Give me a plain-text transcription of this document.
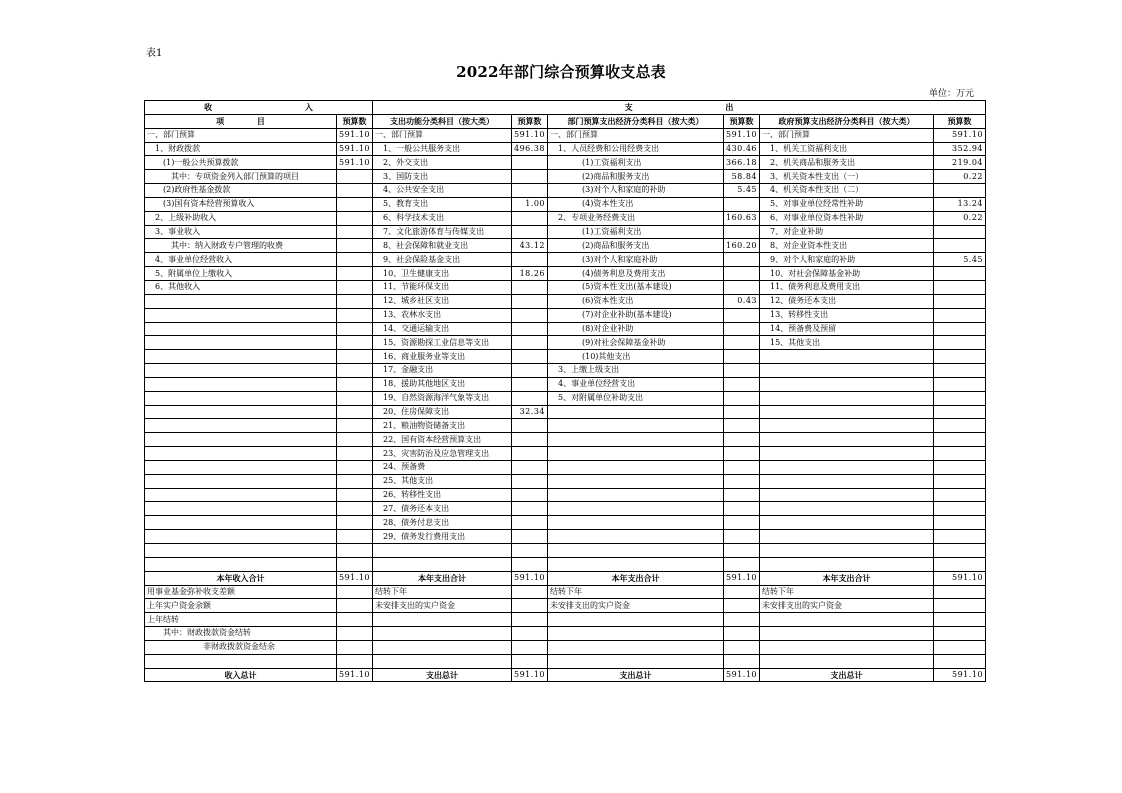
表1
2022年部门综合预算收支总表
单位：万元
收 入		支 出					
项 目	预算数	支出功能分类科目（按大类）	预算数	部门预算支出经济分类科目（按大类）	预算数	政府预算支出经济分类科目（按大类）	预算数
一、部门预算	591.10	一、部门预算	591.10	一、部门预算	591.10	一、部门预算	591.10
　1、财政拨款	591.10	　1、一般公共服务支出	496.38	　1、人员经费和公用经费支出	430.46	　1、机关工资福利支出	352.94
　　(1)一般公共预算拨款	591.10	　2、外交支出		　　　　(1)工资福利支出	366.18	　2、机关商品和服务支出	219.04
　　　其中：专项资金列入部门预算的项目		　3、国防支出		　　　　(2)商品和服务支出	58.84	　3、机关资本性支出（一）	0.22
　　(2)政府性基金拨款		　4、公共安全支出		　　　　(3)对个人和家庭的补助	5.45	　4、机关资本性支出（二）	
　　(3)国有资本经营预算收入		　5、教育支出	1.00	　　　　(4)资本性支出		　5、对事业单位经常性补助	13.24
　2、上级补助收入		　6、科学技术支出		　2、专项业务经费支出	160.63	　6、对事业单位资本性补助	0.22
　3、事业收入		　7、文化旅游体育与传媒支出		　　　　(1)工资福利支出		　7、对企业补助	
　　　其中：纳入财政专户管理的收费		　8、社会保障和就业支出	43.12	　　　　(2)商品和服务支出	160.20	　8、对企业资本性支出	
　4、事业单位经营收入		　9、社会保险基金支出		　　　　(3)对个人和家庭补助		　9、对个人和家庭的补助	5.45
　5、附属单位上缴收入		　10、卫生健康支出	18.26	　　　　(4)债务利息及费用支出		　10、对社会保障基金补助	
　6、其他收入		　11、节能环保支出		　　　　(5)资本性支出(基本建设)		　11、债务利息及费用支出	
		　12、城乡社区支出		　　　　(6)资本性支出	0.43	　12、债务还本支出	
		　13、农林水支出		　　　　(7)对企业补助(基本建设)		　13、转移性支出	
		　14、交通运输支出		　　　　(8)对企业补助		　14、预备费及预留	
		　15、资源勘探工业信息等支出		　　　　(9)对社会保障基金补助		　15、其他支出	
		　16、商业服务业等支出		　　　　(10)其他支出			
		　17、金融支出		　3、上缴上级支出			
		　18、援助其他地区支出		　4、事业单位经营支出			
		　19、自然资源海洋气象等支出		　5、对附属单位补助支出			
		　20、住房保障支出	32.34				
		　21、粮油物资储备支出					
		　22、国有资本经营预算支出					
		　23、灾害防治及应急管理支出					
		　24、预备费					
		　25、其他支出					
		　26、转移性支出					
		　27、债务还本支出					
		　28、债务付息支出					
		　29、债务发行费用支出					

本年收入合计	591.10	本年支出合计	591.10	本年支出合计	591.10	本年支出合计	591.10
用事业基金弥补收支差额		结转下年		结转下年		结转下年	
上年实户资金余额		未安排支出的实户资金		未安排支出的实户资金		未安排支出的实户资金	
上年结转							
　　其中：财政拨款资金结转							
　　　　　　　非财政拨款资金结余							

收入总计	591.10	支出总计	591.10	支出总计	591.10	支出总计	591.10
